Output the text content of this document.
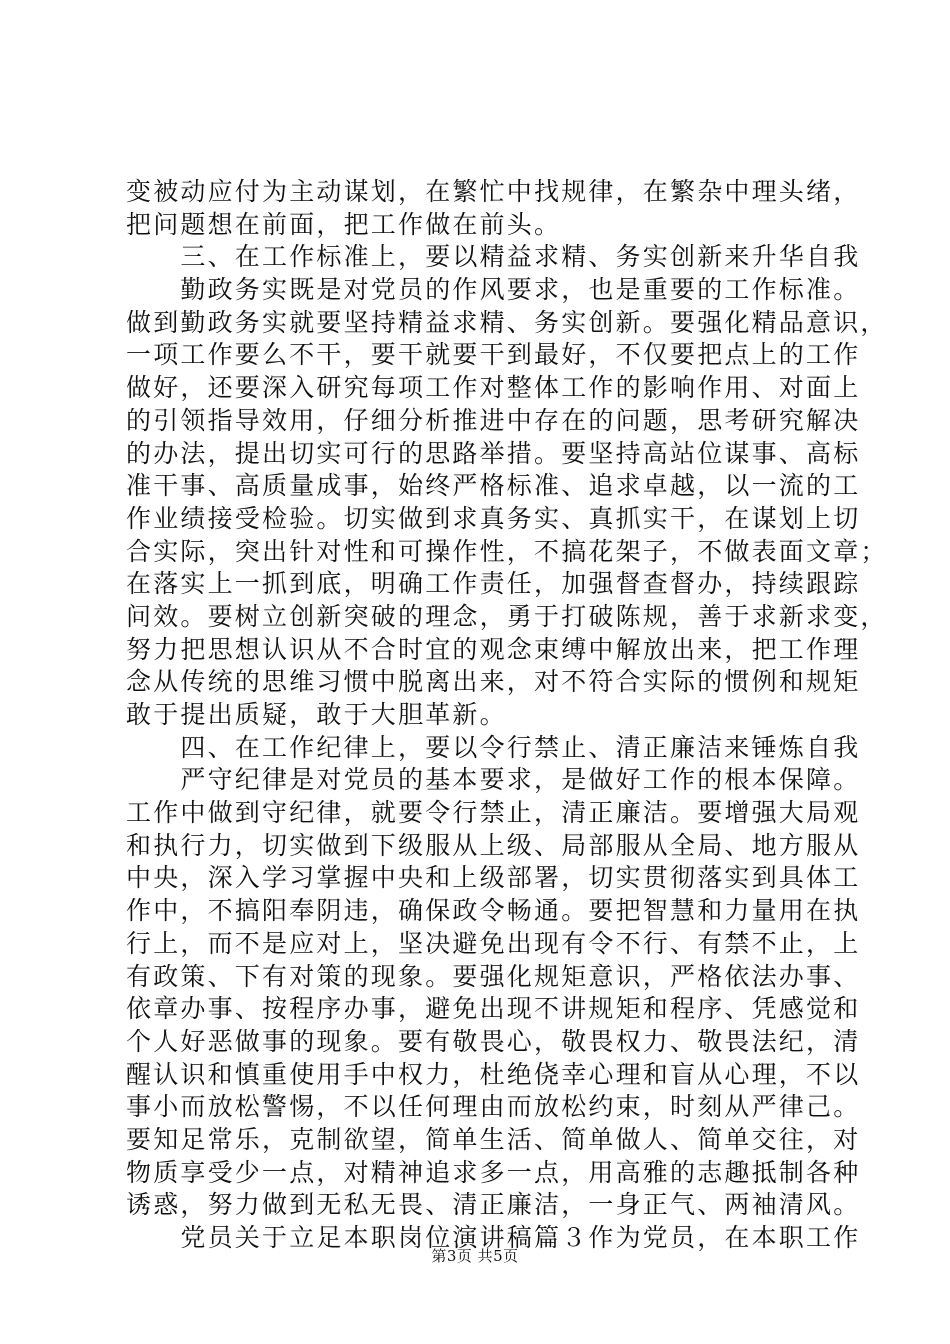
变被动应付为主动谋划，在繁忙中找规律，在繁杂中理头绪，
把问题想在前面，把工作做在前头。
　　三、在工作标准上，要以精益求精、务实创新来升华自我
　　勤政务实既是对党员的作风要求，也是重要的工作标准。
做到勤政务实就要坚持精益求精、务实创新。要强化精品意识，
一项工作要么不干，要干就要干到最好，不仅要把点上的工作
做好，还要深入研究每项工作对整体工作的影响作用、对面上
的引领指导效用，仔细分析推进中存在的问题，思考研究解决
的办法，提出切实可行的思路举措。要坚持高站位谋事、高标
准干事、高质量成事，始终严格标准、追求卓越，以一流的工
作业绩接受检验。切实做到求真务实、真抓实干，在谋划上切
合实际，突出针对性和可操作性，不搞花架子，不做表面文章；
在落实上一抓到底，明确工作责任，加强督查督办，持续跟踪
问效。要树立创新突破的理念，勇于打破陈规，善于求新求变，
努力把思想认识从不合时宜的观念束缚中解放出来，把工作理
念从传统的思维习惯中脱离出来，对不符合实际的惯例和规矩
敢于提出质疑，敢于大胆革新。
　　四、在工作纪律上，要以令行禁止、清正廉洁来锤炼自我
　　严守纪律是对党员的基本要求，是做好工作的根本保障。
工作中做到守纪律，就要令行禁止，清正廉洁。要增强大局观
和执行力，切实做到下级服从上级、局部服从全局、地方服从
中央，深入学习掌握中央和上级部署，切实贯彻落实到具体工
作中，不搞阳奉阴违，确保政令畅通。要把智慧和力量用在执
行上，而不是应对上，坚决避免出现有令不行、有禁不止，上
有政策、下有对策的现象。要强化规矩意识，严格依法办事、
依章办事、按程序办事，避免出现不讲规矩和程序、凭感觉和
个人好恶做事的现象。要有敬畏心，敬畏权力、敬畏法纪，清
醒认识和慎重使用手中权力，杜绝侥幸心理和盲从心理，不以
事小而放松警惕，不以任何理由而放松约束，时刻从严律己。
要知足常乐，克制欲望，简单生活、简单做人、简单交往，对
物质享受少一点，对精神追求多一点，用高雅的志趣抵制各种
诱惑，努力做到无私无畏、清正廉洁，一身正气、两袖清风。
　　党员关于立足本职岗位演讲稿篇３作为党员，在本职工作
第3页 共5页
